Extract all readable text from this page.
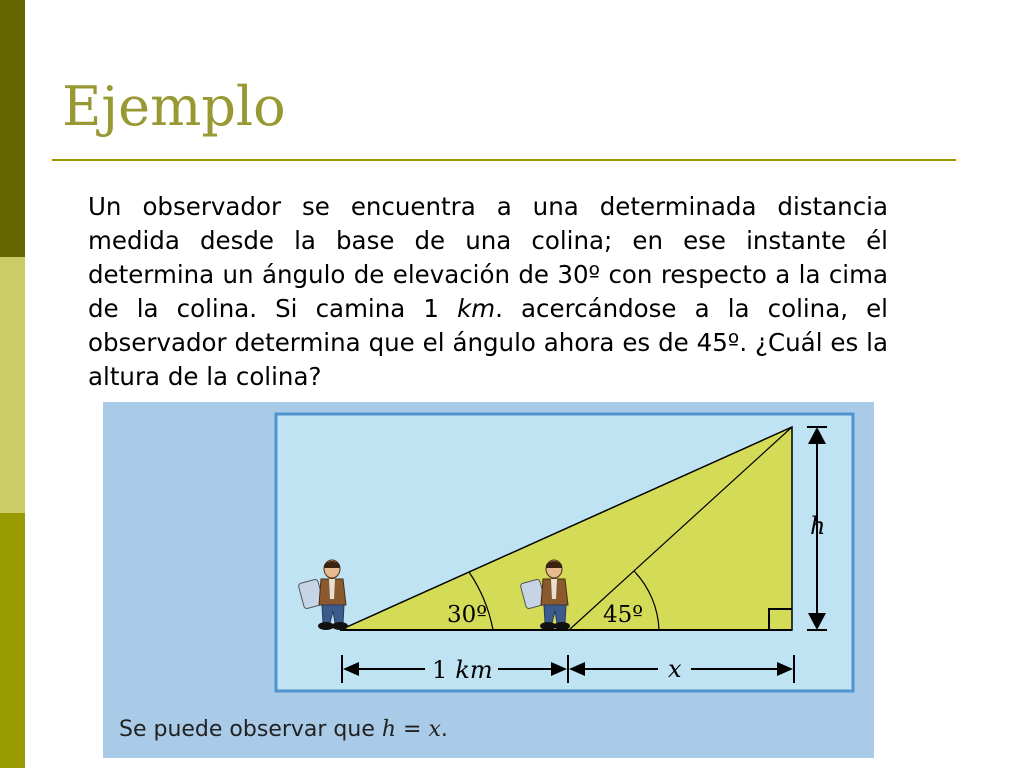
Ejemplo

Un observador se encuentra a una determinada distancia medida desde la base de una colina; en ese instante él determina un ángulo de elevación de 30º con respecto a la cima de la colina. Si camina 1 km. acercándose a la colina, el observador determina que el ángulo ahora es de 45º. ¿Cuál es la altura de la colina?

30º	45º
h
1 km	x
Se puede observar que h = x.
